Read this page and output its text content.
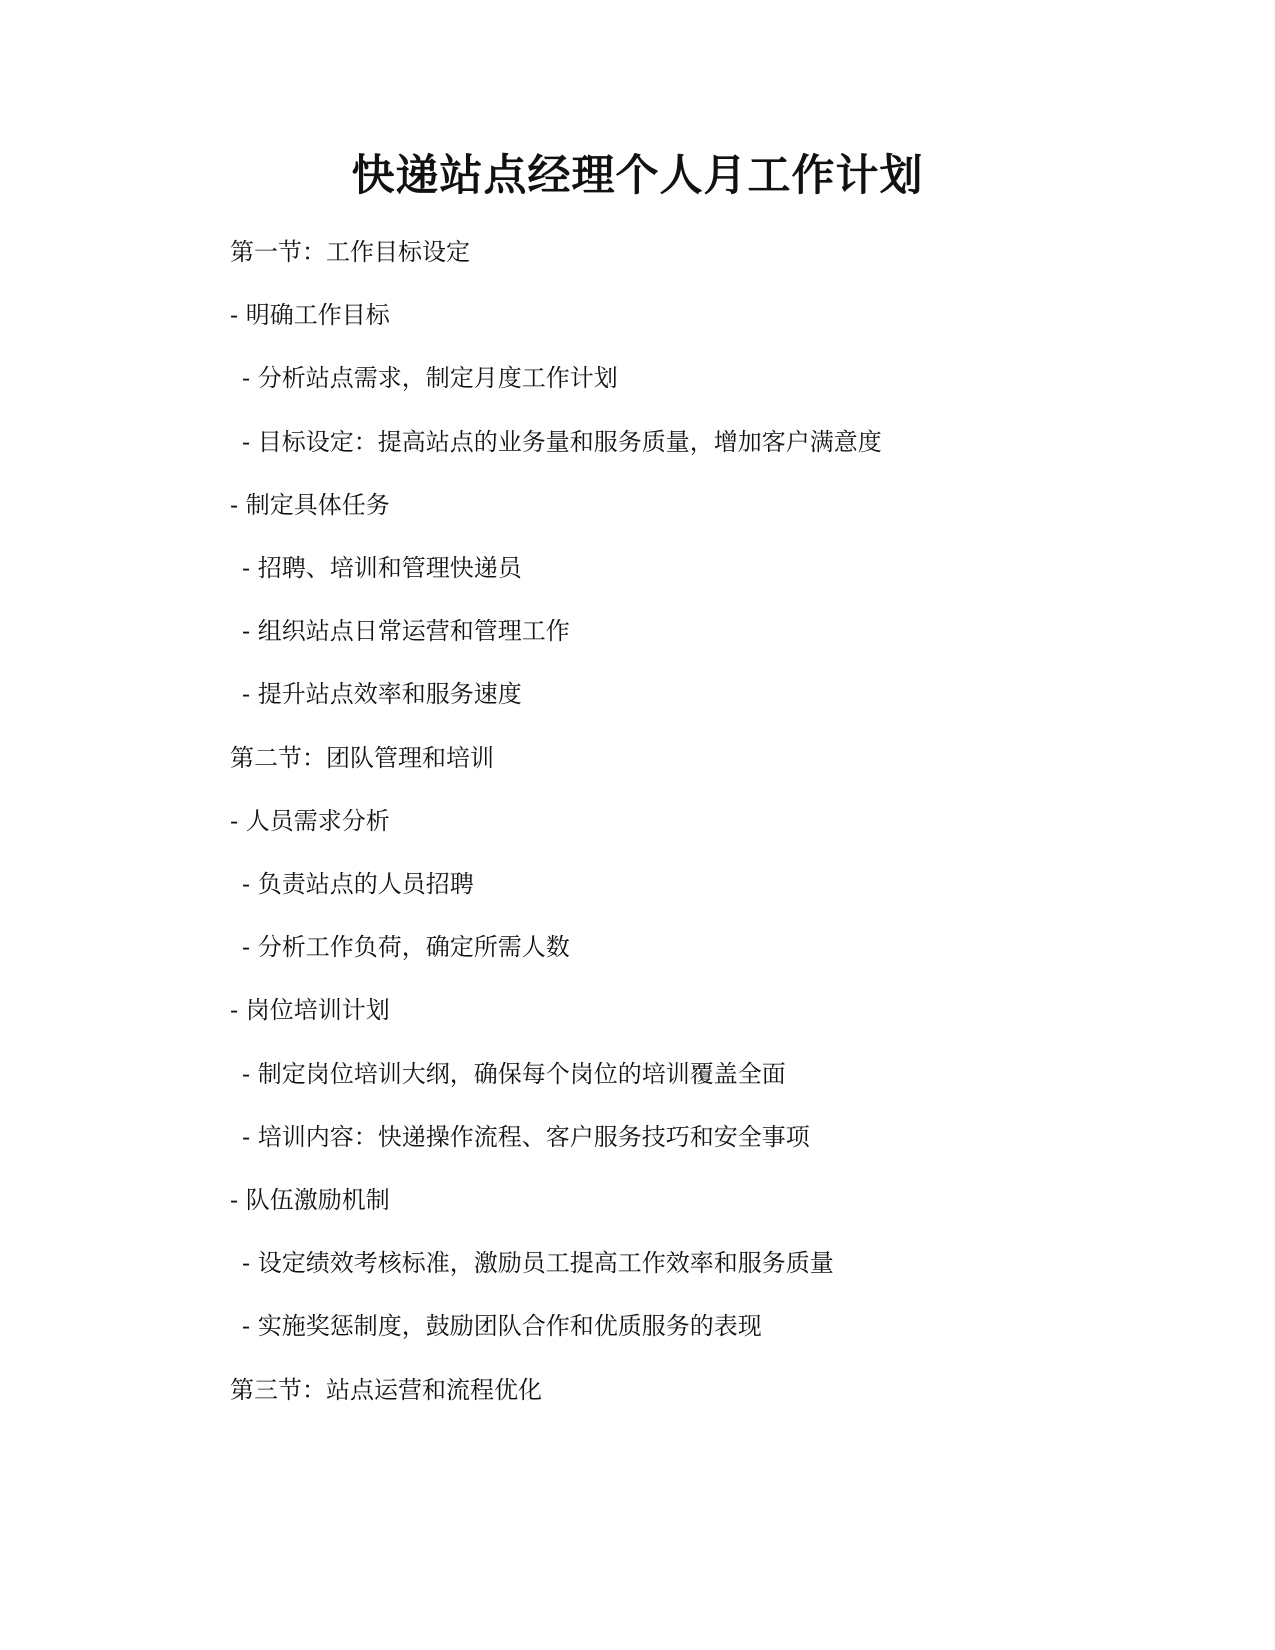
快递站点经理个人月工作计划
第一节：工作目标设定
- 明确工作目标
- 分析站点需求，制定月度工作计划
- 目标设定：提高站点的业务量和服务质量，增加客户满意度
- 制定具体任务
- 招聘、培训和管理快递员
- 组织站点日常运营和管理工作
- 提升站点效率和服务速度
第二节：团队管理和培训
- 人员需求分析
- 负责站点的人员招聘
- 分析工作负荷，确定所需人数
- 岗位培训计划
- 制定岗位培训大纲，确保每个岗位的培训覆盖全面
- 培训内容：快递操作流程、客户服务技巧和安全事项
- 队伍激励机制
- 设定绩效考核标准，激励员工提高工作效率和服务质量
- 实施奖惩制度，鼓励团队合作和优质服务的表现
第三节：站点运营和流程优化
